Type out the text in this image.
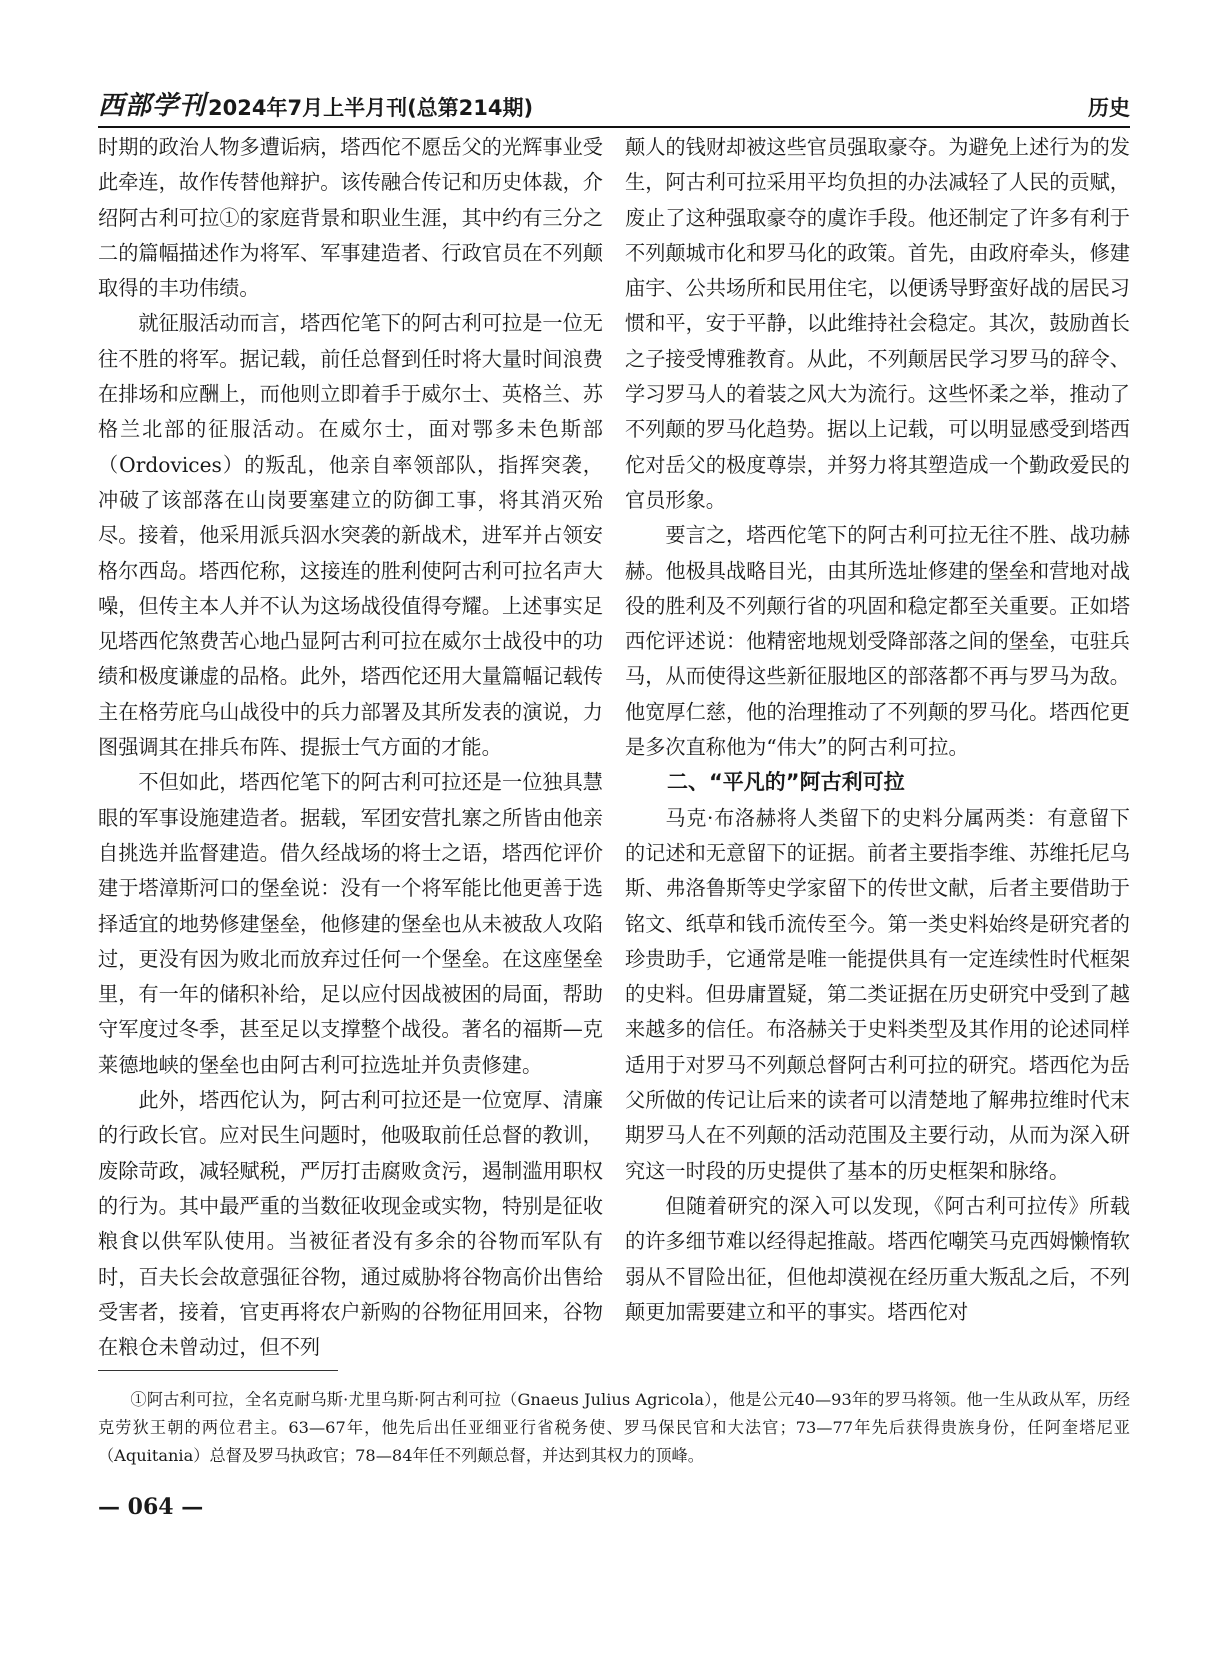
西部学刊 2024年7月上半月刊(总第214期)	历史

时期的政治人物多遭诟病，塔西佗不愿岳父的光辉事业受此牵连，故作传替他辩护。该传融合传记和历史体裁，介绍阿古利可拉①的家庭背景和职业生涯，其中约有三分之二的篇幅描述作为将军、军事建造者、行政官员在不列颠取得的丰功伟绩。

就征服活动而言，塔西佗笔下的阿古利可拉是一位无往不胜的将军。据记载，前任总督到任时将大量时间浪费在排场和应酬上，而他则立即着手于威尔士、英格兰、苏格兰北部的征服活动。在威尔士，面对鄂多未色斯部（Ordovices）的叛乱，他亲自率领部队，指挥突袭，冲破了该部落在山岗要塞建立的防御工事，将其消灭殆尽。接着，他采用派兵泅水突袭的新战术，进军并占领安格尔西岛。塔西佗称，这接连的胜利使阿古利可拉名声大噪，但传主本人并不认为这场战役值得夸耀。上述事实足见塔西佗煞费苦心地凸显阿古利可拉在威尔士战役中的功绩和极度谦虚的品格。此外，塔西佗还用大量篇幅记载传主在格劳庇乌山战役中的兵力部署及其所发表的演说，力图强调其在排兵布阵、提振士气方面的才能。

不但如此，塔西佗笔下的阿古利可拉还是一位独具慧眼的军事设施建造者。据载，军团安营扎寨之所皆由他亲自挑选并监督建造。借久经战场的将士之语，塔西佗评价建于塔漳斯河口的堡垒说：没有一个将军能比他更善于选择适宜的地势修建堡垒，他修建的堡垒也从未被敌人攻陷过，更没有因为败北而放弃过任何一个堡垒。在这座堡垒里，有一年的储积补给，足以应付因战被困的局面，帮助守军度过冬季，甚至足以支撑整个战役。著名的福斯—克莱德地峡的堡垒也由阿古利可拉选址并负责修建。

此外，塔西佗认为，阿古利可拉还是一位宽厚、清廉的行政长官。应对民生问题时，他吸取前任总督的教训，废除苛政，减轻赋税，严厉打击腐败贪污，遏制滥用职权的行为。其中最严重的当数征收现金或实物，特别是征收粮食以供军队使用。当被征者没有多余的谷物而军队有时，百夫长会故意强征谷物，通过威胁将谷物高价出售给受害者，接着，官吏再将农户新购的谷物征用回来，谷物在粮仓未曾动过，但不列

颠人的钱财却被这些官员强取豪夺。为避免上述行为的发生，阿古利可拉采用平均负担的办法减轻了人民的贡赋，废止了这种强取豪夺的虞诈手段。他还制定了许多有利于不列颠城市化和罗马化的政策。首先，由政府牵头，修建庙宇、公共场所和民用住宅，以便诱导野蛮好战的居民习惯和平，安于平静，以此维持社会稳定。其次，鼓励酋长之子接受博雅教育。从此，不列颠居民学习罗马的辞令、学习罗马人的着装之风大为流行。这些怀柔之举，推动了不列颠的罗马化趋势。据以上记载，可以明显感受到塔西佗对岳父的极度尊崇，并努力将其塑造成一个勤政爱民的官员形象。

要言之，塔西佗笔下的阿古利可拉无往不胜、战功赫赫。他极具战略目光，由其所选址修建的堡垒和营地对战役的胜利及不列颠行省的巩固和稳定都至关重要。正如塔西佗评述说：他精密地规划受降部落之间的堡垒，屯驻兵马，从而使得这些新征服地区的部落都不再与罗马为敌。他宽厚仁慈，他的治理推动了不列颠的罗马化。塔西佗更是多次直称他为“伟大”的阿古利可拉。

二、“平凡的”阿古利可拉

马克·布洛赫将人类留下的史料分属两类：有意留下的记述和无意留下的证据。前者主要指李维、苏维托尼乌斯、弗洛鲁斯等史学家留下的传世文献，后者主要借助于铭文、纸草和钱币流传至今。第一类史料始终是研究者的珍贵助手，它通常是唯一能提供具有一定连续性时代框架的史料。但毋庸置疑，第二类证据在历史研究中受到了越来越多的信任。布洛赫关于史料类型及其作用的论述同样适用于对罗马不列颠总督阿古利可拉的研究。塔西佗为岳父所做的传记让后来的读者可以清楚地了解弗拉维时代末期罗马人在不列颠的活动范围及主要行动，从而为深入研究这一时段的历史提供了基本的历史框架和脉络。

但随着研究的深入可以发现，《阿古利可拉传》所载的许多细节难以经得起推敲。塔西佗嘲笑马克西姆懒惰软弱从不冒险出征，但他却漠视在经历重大叛乱之后，不列颠更加需要建立和平的事实。塔西佗对

①阿古利可拉，全名克耐乌斯·尤里乌斯·阿古利可拉（Gnaeus Julius Agricola），他是公元40—93年的罗马将领。他一生从政从军，历经克劳狄王朝的两位君主。63—67年，他先后出任亚细亚行省税务使、罗马保民官和大法官；73—77年先后获得贵族身份，任阿奎塔尼亚（Aquitania）总督及罗马执政官；78—84年任不列颠总督，并达到其权力的顶峰。

— 064 —
